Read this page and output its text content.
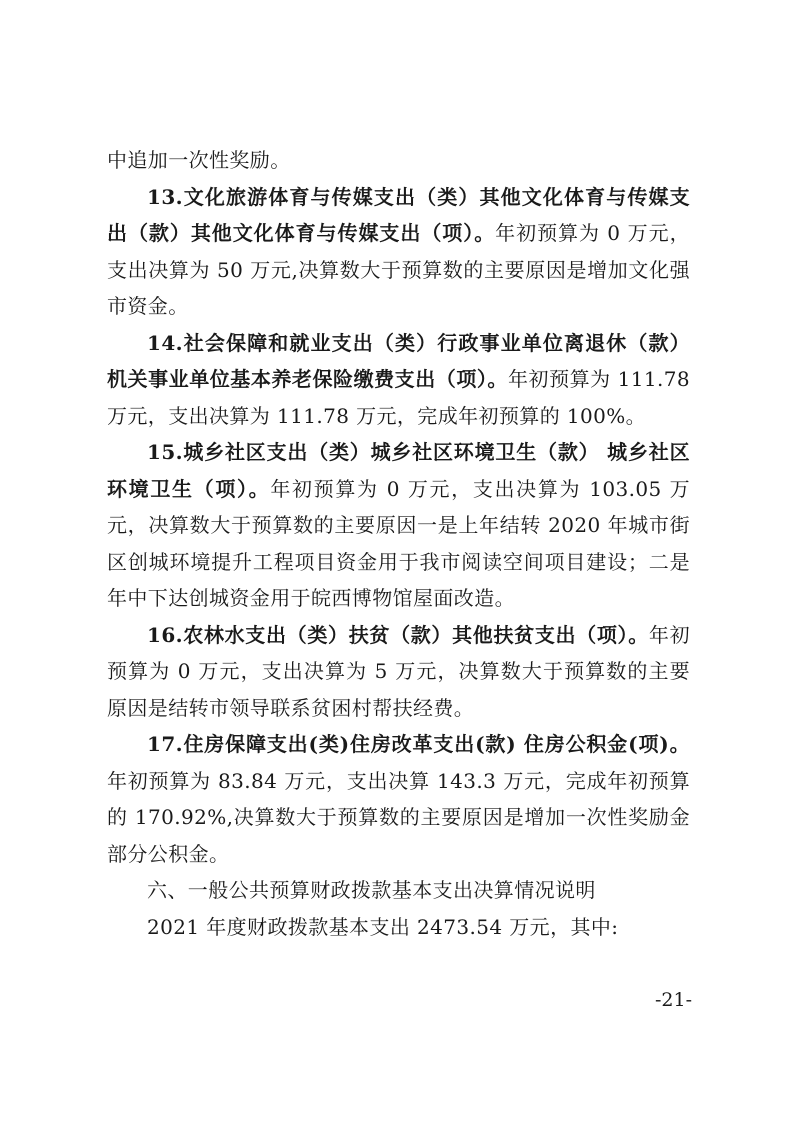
中追加一次性奖励。

13.文化旅游体育与传媒支出（类）其他文化体育与传媒支出（款）其他文化体育与传媒支出（项）。年初预算为 0 万元，支出决算为 50 万元,决算数大于预算数的主要原因是增加文化强市资金。

14.社会保障和就业支出（类）行政事业单位离退休（款）机关事业单位基本养老保险缴费支出（项）。年初预算为 111.78 万元，支出决算为 111.78 万元，完成年初预算的 100%。

15.城乡社区支出（类）城乡社区环境卫生（款） 城乡社区环境卫生（项）。年初预算为 0 万元，支出决算为 103.05 万元，决算数大于预算数的主要原因一是上年结转 2020 年城市街区创城环境提升工程项目资金用于我市阅读空间项目建设；二是年中下达创城资金用于皖西博物馆屋面改造。

16.农林水支出（类）扶贫（款）其他扶贫支出（项）。年初预算为 0 万元，支出决算为 5 万元，决算数大于预算数的主要原因是结转市领导联系贫困村帮扶经费。

17.住房保障支出(类)住房改革支出(款) 住房公积金(项)。年初预算为 83.84 万元，支出决算 143.3 万元，完成年初预算的 170.92%,决算数大于预算数的主要原因是增加一次性奖励金部分公积金。

六、一般公共预算财政拨款基本支出决算情况说明

2021 年度财政拨款基本支出 2473.54 万元，其中:

-21-
